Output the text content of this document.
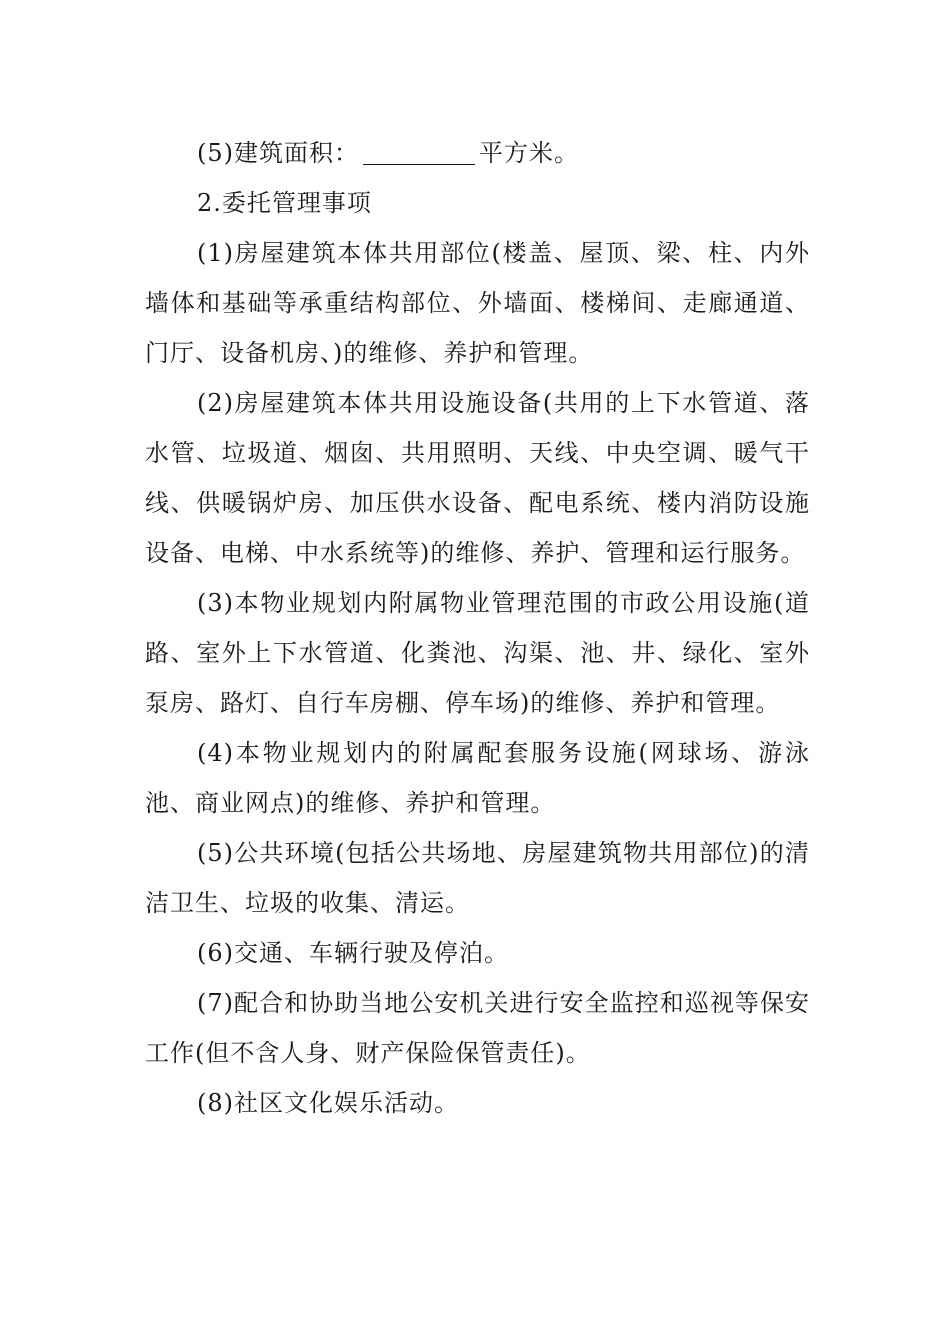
(5)建筑面积：	平方米。

2.委托管理事项

(1)房屋建筑本体共用部位(楼盖、屋顶、梁、柱、内外墙体和基础等承重结构部位、外墙面、楼梯间、走廊通道、门厅、设备机房、)的维修、养护和管理。

(2)房屋建筑本体共用设施设备(共用的上下水管道、落水管、垃圾道、烟囱、共用照明、天线、中央空调、暖气干线、供暖锅炉房、加压供水设备、配电系统、楼内消防设施设备、电梯、中水系统等)的维修、养护、管理和运行服务。

(3)本物业规划内附属物业管理范围的市政公用设施(道路、室外上下水管道、化粪池、沟渠、池、井、绿化、室外泵房、路灯、自行车房棚、停车场)的维修、养护和管理。

(4)本物业规划内的附属配套服务设施(网球场、游泳池、商业网点)的维修、养护和管理。

(5)公共环境(包括公共场地、房屋建筑物共用部位)的清洁卫生、垃圾的收集、清运。

(6)交通、车辆行驶及停泊。

(7)配合和协助当地公安机关进行安全监控和巡视等保安工作(但不含人身、财产保险保管责任)。

(8)社区文化娱乐活动。
